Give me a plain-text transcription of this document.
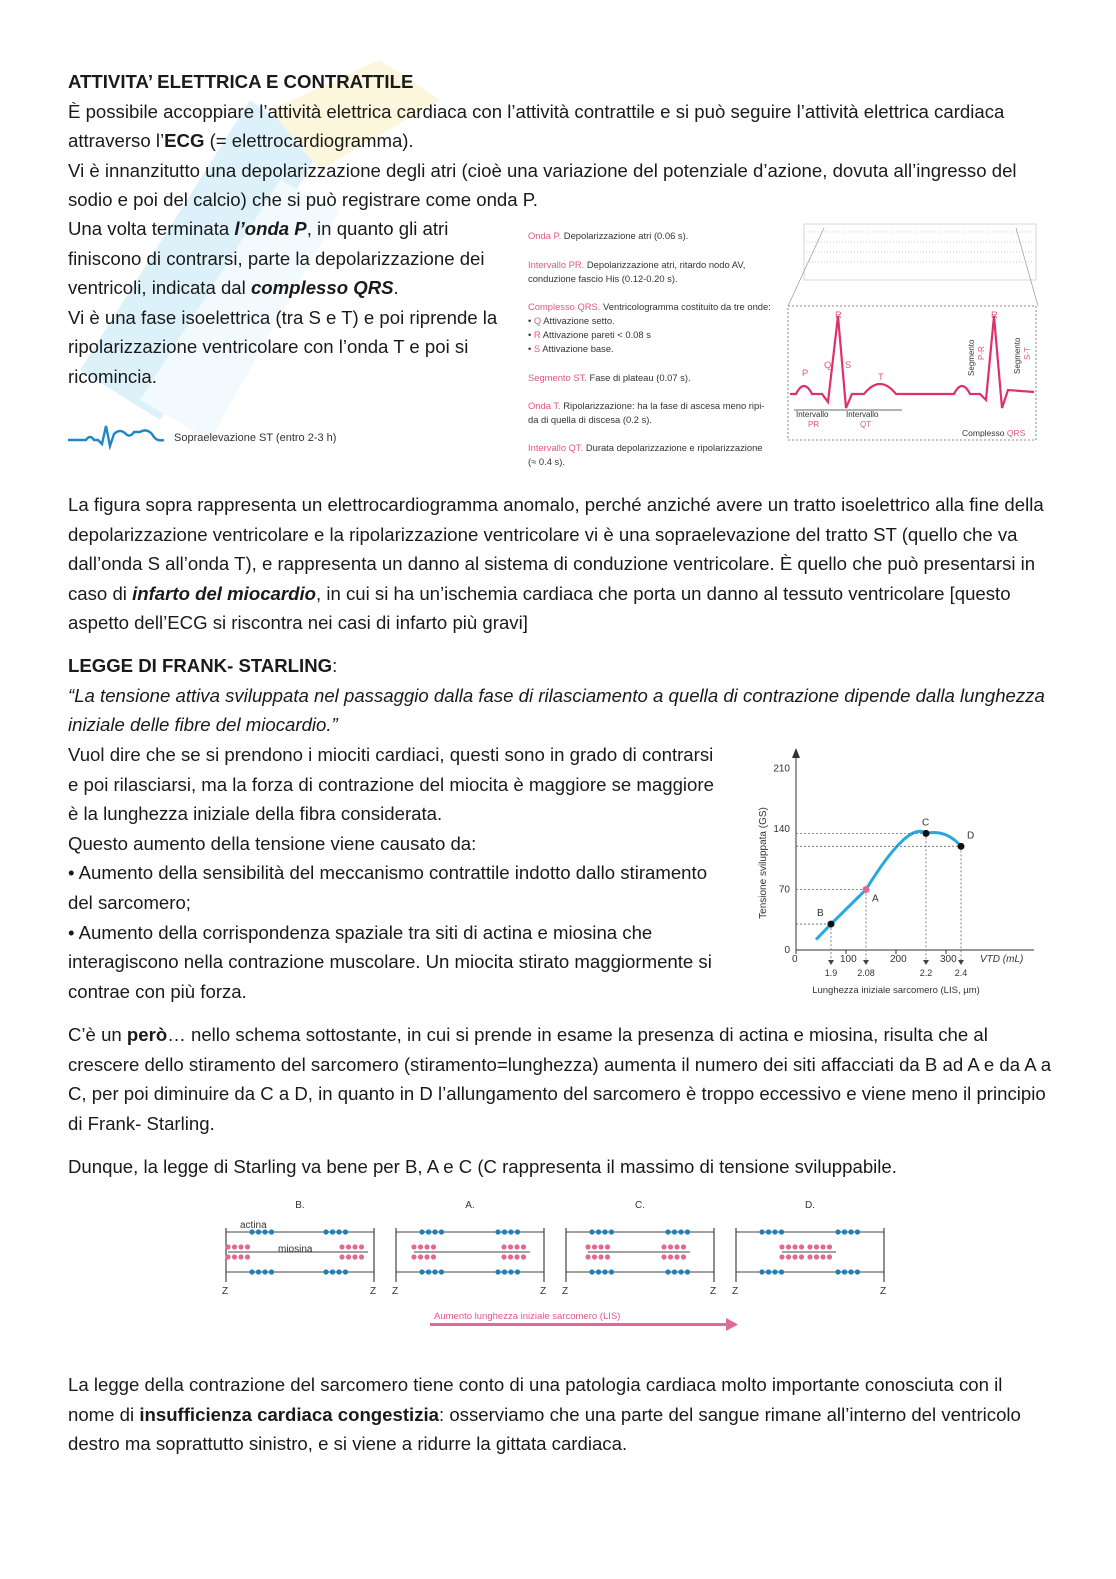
ATTIVITA’ ELETTRICA E CONTRATTILE

È possibile accoppiare l’attività elettrica cardiaca con l’attività contrattile e si può seguire l’attività elettrica cardiaca attraverso l’ECG (= elettrocardiogramma).

Vi è innanzitutto una depolarizzazione degli atri (cioè una variazione del potenziale d’azione, dovuta all’ingresso del sodio e poi del calcio) che si può registrare come onda P.

Una volta terminata l’onda P, in quanto gli atri finiscono di contrarsi, parte la depolarizzazione dei ventricoli, indicata dal complesso QRS.

Vi è una fase isoelettrica (tra S e T) e poi riprende la ripolarizzazione ventricolare con l’onda T e poi si ricomincia.

Sopraelevazione ST (entro 2-3 h)
Onda P. Depolarizzazione atri (0.06 s).
Intervallo PR. Depolarizzazione atri, ritardo nodo AV,
conduzione fascio His (0.12-0.20 s).
Complesso QRS. Ventricologramma costituito da tre onde:
• Q Attivazione setto.
• R Attivazione pareti < 0.08 s
• S Attivazione base.
Segmento ST. Fase di plateau (0.07 s).
Onda T. Ripolarizzazione: ha la fase di ascesa meno ripi-
da di quella di discesa (0.2 s).
Intervallo QT. Durata depolarizzazione e ripolarizzazione
(≈ 0.4 s).
P
Q
R
S
T
R
Intervallo
PR
Intervallo
QT
Segmento P-R	Segmento S-T
Complesso QRS

La figura sopra rappresenta un elettrocardiogramma anomalo, perché anziché avere un tratto isoelettrico alla fine della depolarizzazione ventricolare e la ripolarizzazione ventricolare vi è una sopraelevazione del tratto ST (quello che va dall’onda S all’onda T), e rappresenta un danno al sistema di conduzione ventricolare. È quello che può presentarsi in caso di infarto del miocardio, in cui si ha un’ischemia cardiaca che porta un danno al tessuto ventricolare [questo aspetto dell’ECG si riscontra nei casi di infarto più gravi]

LEGGE DI FRANK- STARLING:

“La tensione attiva sviluppata nel passaggio dalla fase di rilasciamento a quella di contrazione dipende dalla lunghezza iniziale delle fibre del miocardio.”

Vuol dire che se si prendono i miociti cardiaci, questi sono in grado di contrarsi e poi rilasciarsi, ma la forza di contrazione del miocita è maggiore se maggiore è la lunghezza iniziale della fibra considerata.

Questo aumento della tensione viene causato da:

• Aumento della sensibilità del meccanismo contrattile indotto dallo stiramento del sarcomero;

• Aumento della corrispondenza spaziale tra siti di actina e miosina che interagiscono nella contrazione muscolare. Un miocita stirato maggiormente si contrae con più forza.

Tensione sviluppata (GS)
VTD (mL)
Lunghezza iniziale sarcomero (LIS, µm)
0	100	200	300
0
70
140
210
B
1.9
A
2.08
C
2.2
D
2.4

C’è un però… nello schema sottostante, in cui si prende in esame la presenza di actina e miosina, risulta che al crescere dello stiramento del sarcomero (stiramento=lunghezza) aumenta il numero dei siti affacciati da B ad A e da A a C, per poi diminuire da C a D, in quanto in D l’allungamento del sarcomero è troppo eccessivo e viene meno il principio di Frank- Starling.

Dunque, la legge di Starling va bene per B, A e C (C rappresenta il massimo di tensione sviluppabile.

B.
Z	Z
A.
Z	Z
C.
Z	Z
D.
Z	Z
actina
miosina
Aumento lunghezza iniziale sarcomero (LIS)

La legge della contrazione del sarcomero tiene conto di una patologia cardiaca molto importante conosciuta con il nome di insufficienza cardiaca congestizia: osserviamo che una parte del sangue rimane all’interno del ventricolo destro ma soprattutto sinistro, e si viene a ridurre la gittata cardiaca.
